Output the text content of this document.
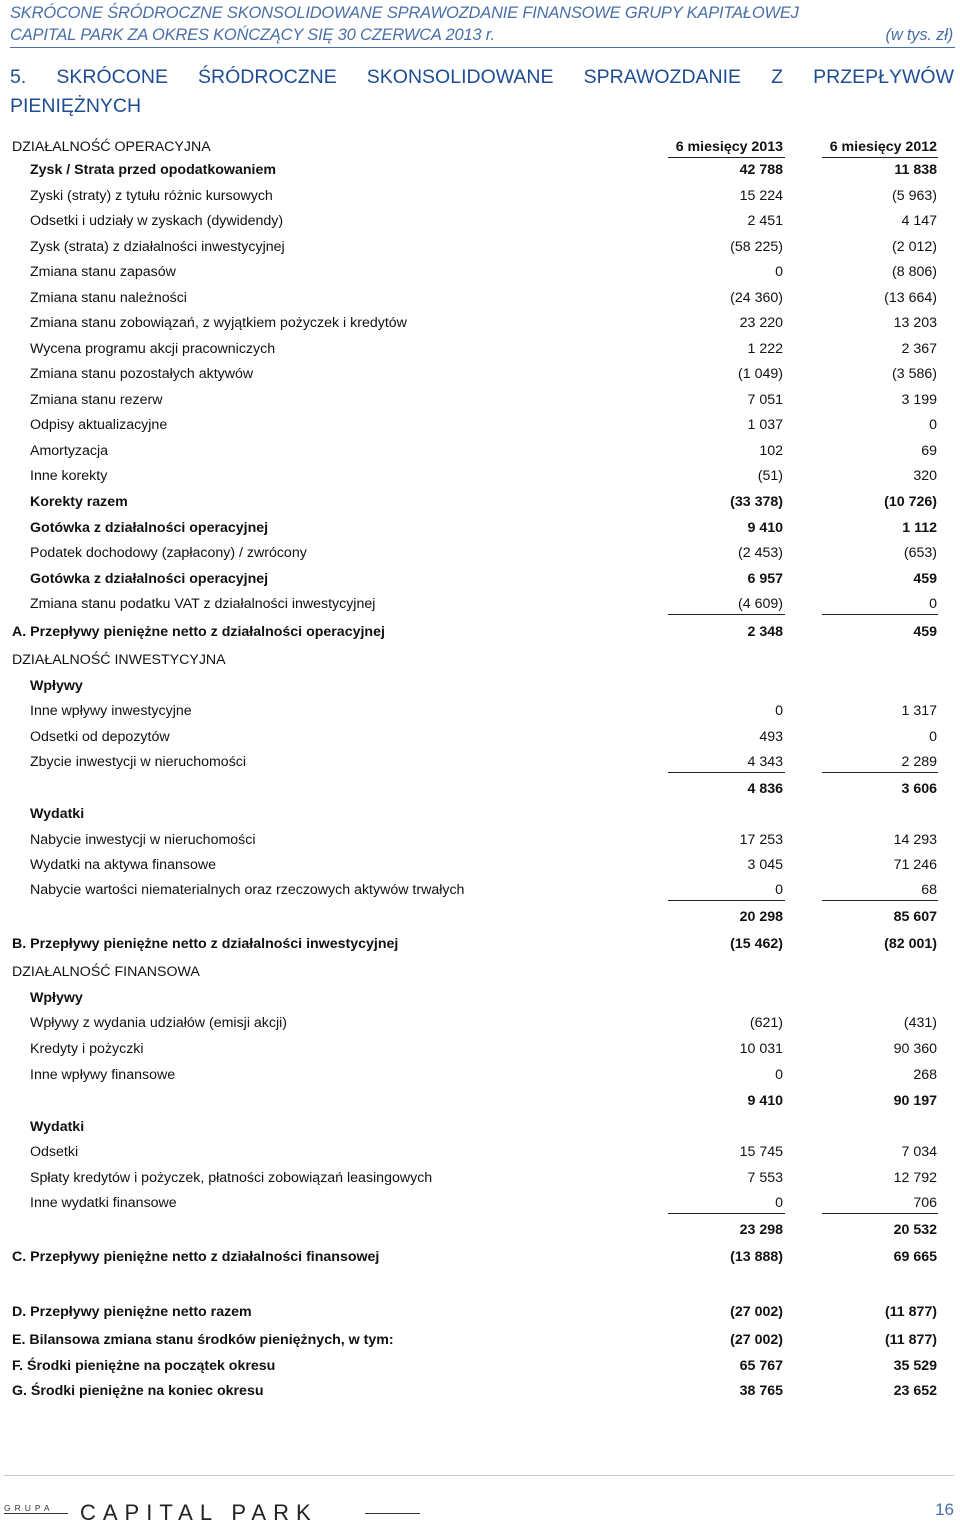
SKRÓCONE ŚRÓDROCZNE SKONSOLIDOWANE SPRAWOZDANIE FINANSOWE GRUPY KAPITAŁOWEJ
CAPITAL PARK ZA OKRES KOŃCZĄCY SIĘ 30 CZERWCA 2013 r.	(w tys. zł)
5. SKRÓCONE ŚRÓDROCZNE SKONSOLIDOWANE SPRAWOZDANIE Z PRZEPŁYWÓW
PIENIĘŻNYCH
DZIAŁALNOŚĆ OPERACYJNA	6 miesięcy 2013	6 miesięcy 2012
Zysk / Strata przed opodatkowaniem	42 788	11 838
Zyski (straty) z tytułu różnic kursowych	15 224	(5 963)
Odsetki i udziały w zyskach (dywidendy)	2 451	4 147
Zysk (strata) z działalności inwestycyjnej	(58 225)	(2 012)
Zmiana stanu zapasów	0	(8 806)
Zmiana stanu należności	(24 360)	(13 664)
Zmiana stanu zobowiązań, z wyjątkiem pożyczek i kredytów	23 220	13 203
Wycena programu akcji pracowniczych	1 222	2 367
Zmiana stanu pozostałych aktywów	(1 049)	(3 586)
Zmiana stanu rezerw	7 051	3 199
Odpisy aktualizacyjne	1 037	0
Amortyzacja	102	69
Inne korekty	(51)	320
Korekty razem	(33 378)	(10 726)
Gotówka z działalności operacyjnej	9 410	1 112
Podatek dochodowy (zapłacony) / zwrócony	(2 453)	(653)
Gotówka z działalności operacyjnej	6 957	459
Zmiana stanu podatku VAT z działalności inwestycyjnej	(4 609)	0
A. Przepływy pieniężne netto z działalności operacyjnej	2 348	459
DZIAŁALNOŚĆ INWESTYCYJNA
Wpływy
Inne wpływy inwestycyjne	0	1 317
Odsetki od depozytów	493	0
Zbycie inwestycji w nieruchomości	4 343	2 289
4 836	3 606
Wydatki
Nabycie inwestycji w nieruchomości	17 253	14 293
Wydatki na aktywa finansowe	3 045	71 246
Nabycie wartości niematerialnych oraz rzeczowych aktywów trwałych	0	68
20 298	85 607
B. Przepływy pieniężne netto z działalności inwestycyjnej	(15 462)	(82 001)
DZIAŁALNOŚĆ FINANSOWA
Wpływy
Wpływy z wydania udziałów (emisji akcji)	(621)	(431)
Kredyty i pożyczki	10 031	90 360
Inne wpływy finansowe	0	268
9 410	90 197
Wydatki
Odsetki	15 745	7 034
Spłaty kredytów i pożyczek, płatności zobowiązań leasingowych	7 553	12 792
Inne wydatki finansowe	0	706
23 298	20 532
C. Przepływy pieniężne netto z działalności finansowej	(13 888)	69 665
D. Przepływy pieniężne netto razem	(27 002)	(11 877)
E. Bilansowa zmiana stanu środków pieniężnych, w tym:	(27 002)	(11 877)
F. Środki pieniężne na początek okresu	65 767	35 529
G. Środki pieniężne na koniec okresu	38 765	23 652
GRUPA CAPITAL PARK	16
